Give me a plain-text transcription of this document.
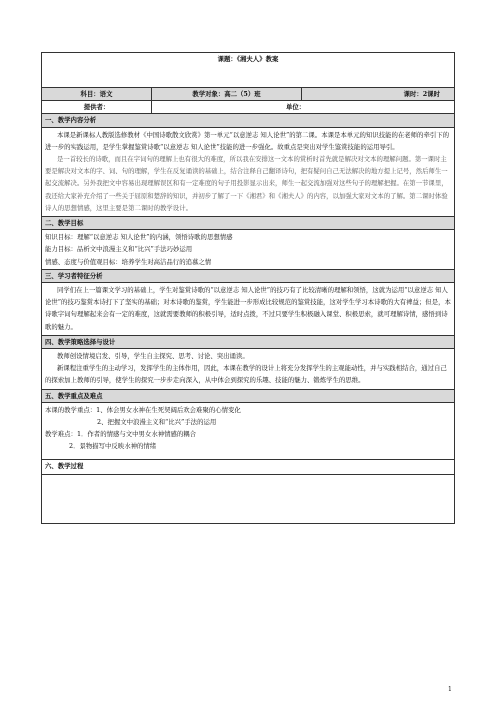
课题：《湘夫人》教案		
科目：语文	教学对象：高二（5）班	课时：2课时
提供者：	单位：	
一、教学内容分析		

本课是新课标人教版选修教材《中国诗歌散文欣赏》第一单元“以意逆志 知人论世”的第二课。本课是本单元的知识技能的在老师的牵引下的进一步的实践运用，是学生掌握鉴赏诗歌“以意逆志 知人论世”技能的进一步强化。故重点是突出对学生鉴赏技能的运用导引。

是一首较长的诗歌，而且在字词句的理解上也有很大的难度，所以我在安排这一文本的赏析时首先就是解决对文本的理解问题。第一课时主要是解决对文本的字、词、句的理解，学生在反复诵读的基础上，结合注释自己翻译诗句，把有疑问自己无法解决的地方提上记号，然后师生一起交流解决。另外我把文中容易出现理解误区和有一定难度的句子用投影显示出来，师生一起交流加强对这些句子的理解把握。在第一节课里，我还给大家补充介绍了一些关于屈原和楚辞的知识，并初步了解了一下《湘君》和《湘夫人》的内容，以加强大家对文本的了解。第二课时体验诗人的思想情感，这里主要是第二课时的教学设计。		

二、教学目标		

知识目标：理解“以意逆志 知人论世”的内涵，领悟诗歌的思想情感

能力目标：品析文中浪漫主义和“比兴”手法巧妙运用

情感、态度与价值观目标：培养学生对高洁品行的追慕之情		

三、学习者特征分析		

同学们在上一篇课文学习的基础上，学生对鉴赏诗歌的“以意逆志 知人论世”的技巧有了比较清晰的理解和领悟，这就为运用“以意逆志 知人论世”的技巧鉴赏本诗打下了坚实的基础；对本诗歌的鉴赏，学生能进一步形成比较规范的鉴赏技能，这对学生学习本诗歌的大有裨益；但是，本诗歌字词句理解起来会有一定的难度，这就需要教师的积极引导，适时点拨，不过只要学生积极融入课堂、积极思索，就可理解诗情，感悟到诗歌的魅力。		

四、教学策略选择与设计		

教师创设情境启发、引导，学生自主探究、思考、讨论、突出诵读。

新课程注重学生的主动学习，发挥学生的主体作用，因此，本课在教学的设计上将充分发挥学生的主观能动性，并与实践相结合，通过自己的探索加上教师的引导，使学生的探究一步步走向深入，从中体会到探究的乐趣、技能的魅力、锻炼学生的思维。		

五、教学重点及难点		

本课的教学重点：1、体会男女水神在生死契阔后欢会难聚的心情变化

2、把握文中浪漫主义和“比兴”手法的运用

教学难点：1．作者的情感与文中男女水神情感的耦合

2．景物描写中反映水神的情绪		

六、教学过程		

1
